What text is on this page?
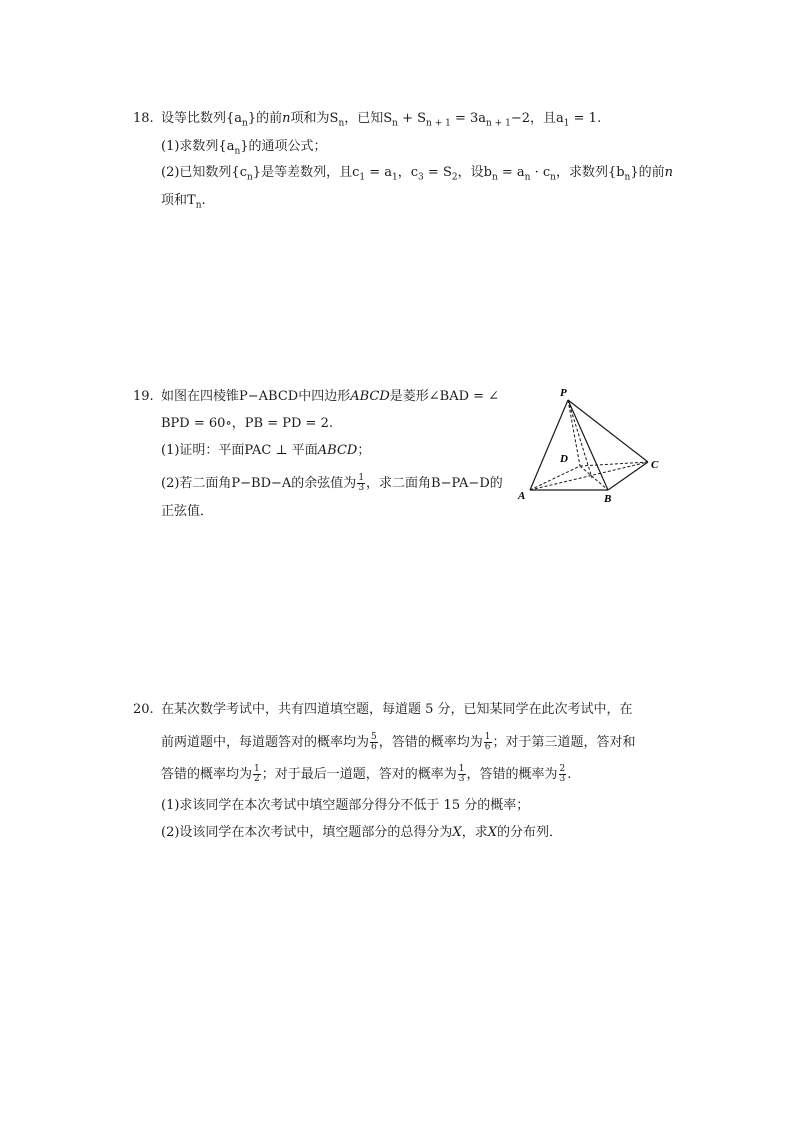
18. 设等比数列$\{a_n\}$的前n项和为$S_n$，已知$S_n + S_{n + 1} = 3a_{n + 1}-2$，且$a_1 = 1$.
(1)求数列$\{a_n\}$的通项公式；
(2)已知数列$\{c_n\}$是等差数列，且$c_1 = a_1$，$c_3 = S_2$，设$b_n = a_n \cdot c_n$，求数列$\{b_n\}$的前n
项和$T_n$.
19. 如图在四棱锥P−ABCD中四边形ABCD是菱形∠BAD = ∠
BPD = 60∘，PB = PD = 2.
(1)证明：平面PAC ⊥ 平面ABCD；
(2)若二面角P−BD−A的余弦值为 $\frac{1}{3}$ ，求二面角B−PA−D的
正弦值．
P
D	C
A	B
20. 在某次数学考试中，共有四道填空题，每道题 5 分，已知某同学在此次考试中，在
前两道题中，每道题答对的概率均为 $\frac{5}{6}$ ，答错的概率均为 $\frac{1}{6}$ ；对于第三道题，答对和
答错的概率均为 $\frac{1}{2}$ ；对于最后一道题，答对的概率为 $\frac{1}{3}$ ，答错的概率为 $\frac{2}{3}$ .
(1)求该同学在本次考试中填空题部分得分不低于 15 分的概率；
(2)设该同学在本次考试中，填空题部分的总得分为X，求X的分布列．
